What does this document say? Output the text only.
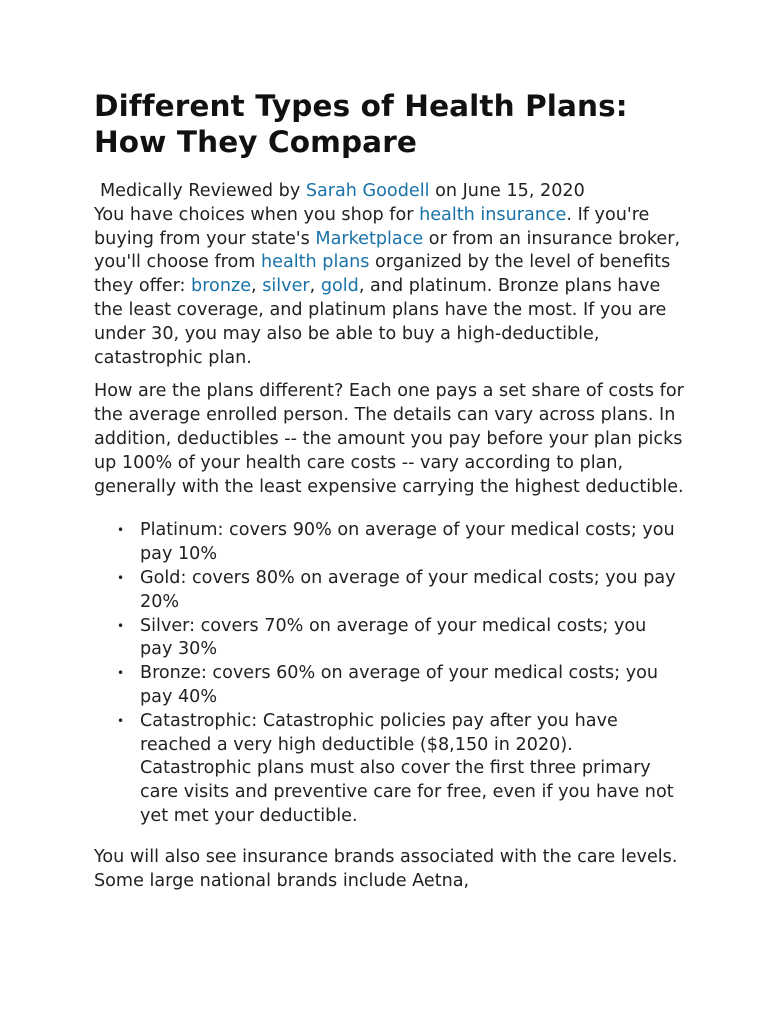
Different Types of Health Plans:
How They Compare
Medically Reviewed by Sarah Goodell on June 15, 2020

You have choices when you shop for health insurance. If you're buying from your state's Marketplace or from an insurance broker, you'll choose from health plans organized by the level of benefits they offer: bronze, silver, gold, and platinum. Bronze plans have the least coverage, and platinum plans have the most. If you are under 30, you may also be able to buy a high-deductible, catastrophic plan.

How are the plans different? Each one pays a set share of costs for the average enrolled person. The details can vary across plans. In addition, deductibles -- the amount you pay before your plan picks up 100% of your health care costs -- vary according to plan, generally with the least expensive carrying the highest deductible.

• Platinum: covers 90% on average of your medical costs; you pay 10%
• Gold: covers 80% on average of your medical costs; you pay 20%
• Silver: covers 70% on average of your medical costs; you pay 30%
• Bronze: covers 60% on average of your medical costs; you pay 40%
• Catastrophic: Catastrophic policies pay after you have reached a very high deductible ($8,150 in 2020). Catastrophic plans must also cover the first three primary care visits and preventive care for free, even if you have not yet met your deductible.

You will also see insurance brands associated with the care levels. Some large national brands include Aetna,
